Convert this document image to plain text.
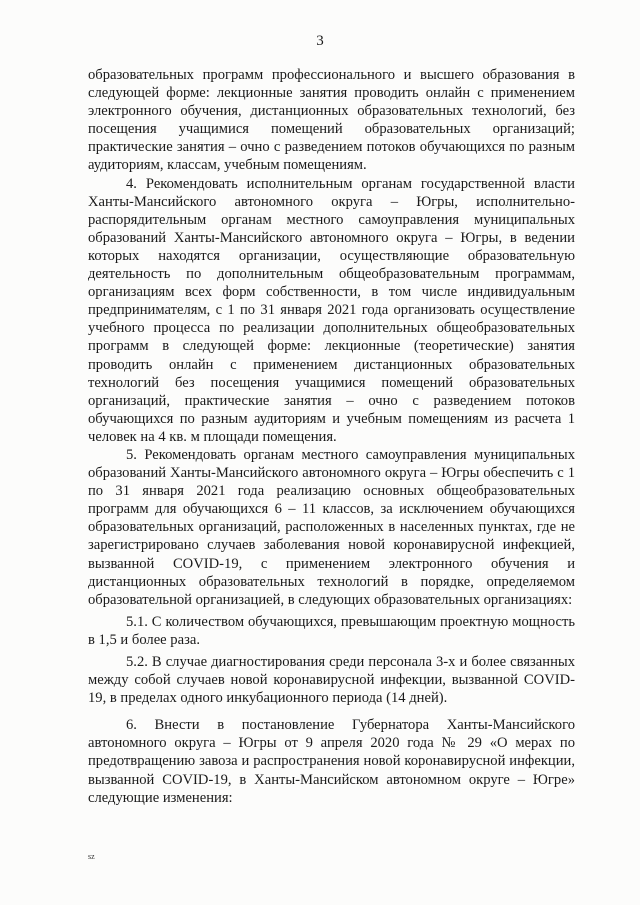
3

образовательных программ профессионального и высшего образования в следующей форме: лекционные занятия проводить онлайн с применением электронного обучения, дистанционных образовательных технологий, без посещения учащимися помещений образовательных организаций; практические занятия – очно с разведением потоков обучающихся по разным аудиториям, классам, учебным помещениям.

4. Рекомендовать исполнительным органам государственной власти Ханты-Мансийского автономного округа – Югры, исполнительно-распорядительным органам местного самоуправления муниципальных образований Ханты-Мансийского автономного округа – Югры, в ведении которых находятся организации, осуществляющие образовательную деятельность по дополнительным общеобразовательным программам, организациям всех форм собственности, в том числе индивидуальным предпринимателям, с 1 по 31 января 2021 года организовать осуществление учебного процесса по реализации дополнительных общеобразовательных программ в следующей форме: лекционные (теоретические) занятия проводить онлайн с применением дистанционных образовательных технологий без посещения учащимися помещений образовательных организаций, практические занятия – очно с разведением потоков обучающихся по разным аудиториям и учебным помещениям из расчета 1 человек на 4 кв. м площади помещения.

5. Рекомендовать органам местного самоуправления муниципальных образований Ханты-Мансийского автономного округа – Югры обеспечить с 1 по 31 января 2021 года реализацию основных общеобразовательных программ для обучающихся 6 – 11 классов, за исключением обучающихся образовательных организаций, расположенных в населенных пунктах, где не зарегистрировано случаев заболевания новой коронавирусной инфекцией, вызванной COVID-19, с применением электронного обучения и дистанционных образовательных технологий в порядке, определяемом образовательной организацией, в следующих образовательных организациях:

5.1. С количеством обучающихся, превышающим проектную мощность в 1,5 и более раза.

5.2. В случае диагностирования среди персонала 3-х и более связанных между собой случаев новой коронавирусной инфекции, вызванной COVID-19, в пределах одного инкубационного периода (14 дней).

6. Внести в постановление Губернатора Ханты-Мансийского автономного округа – Югры от 9 апреля 2020 года № 29 «О мерах по предотвращению завоза и распространения новой коронавирусной инфекции, вызванной COVID-19, в Ханты-Мансийском автономном округе – Югре» следующие изменения:

sz
